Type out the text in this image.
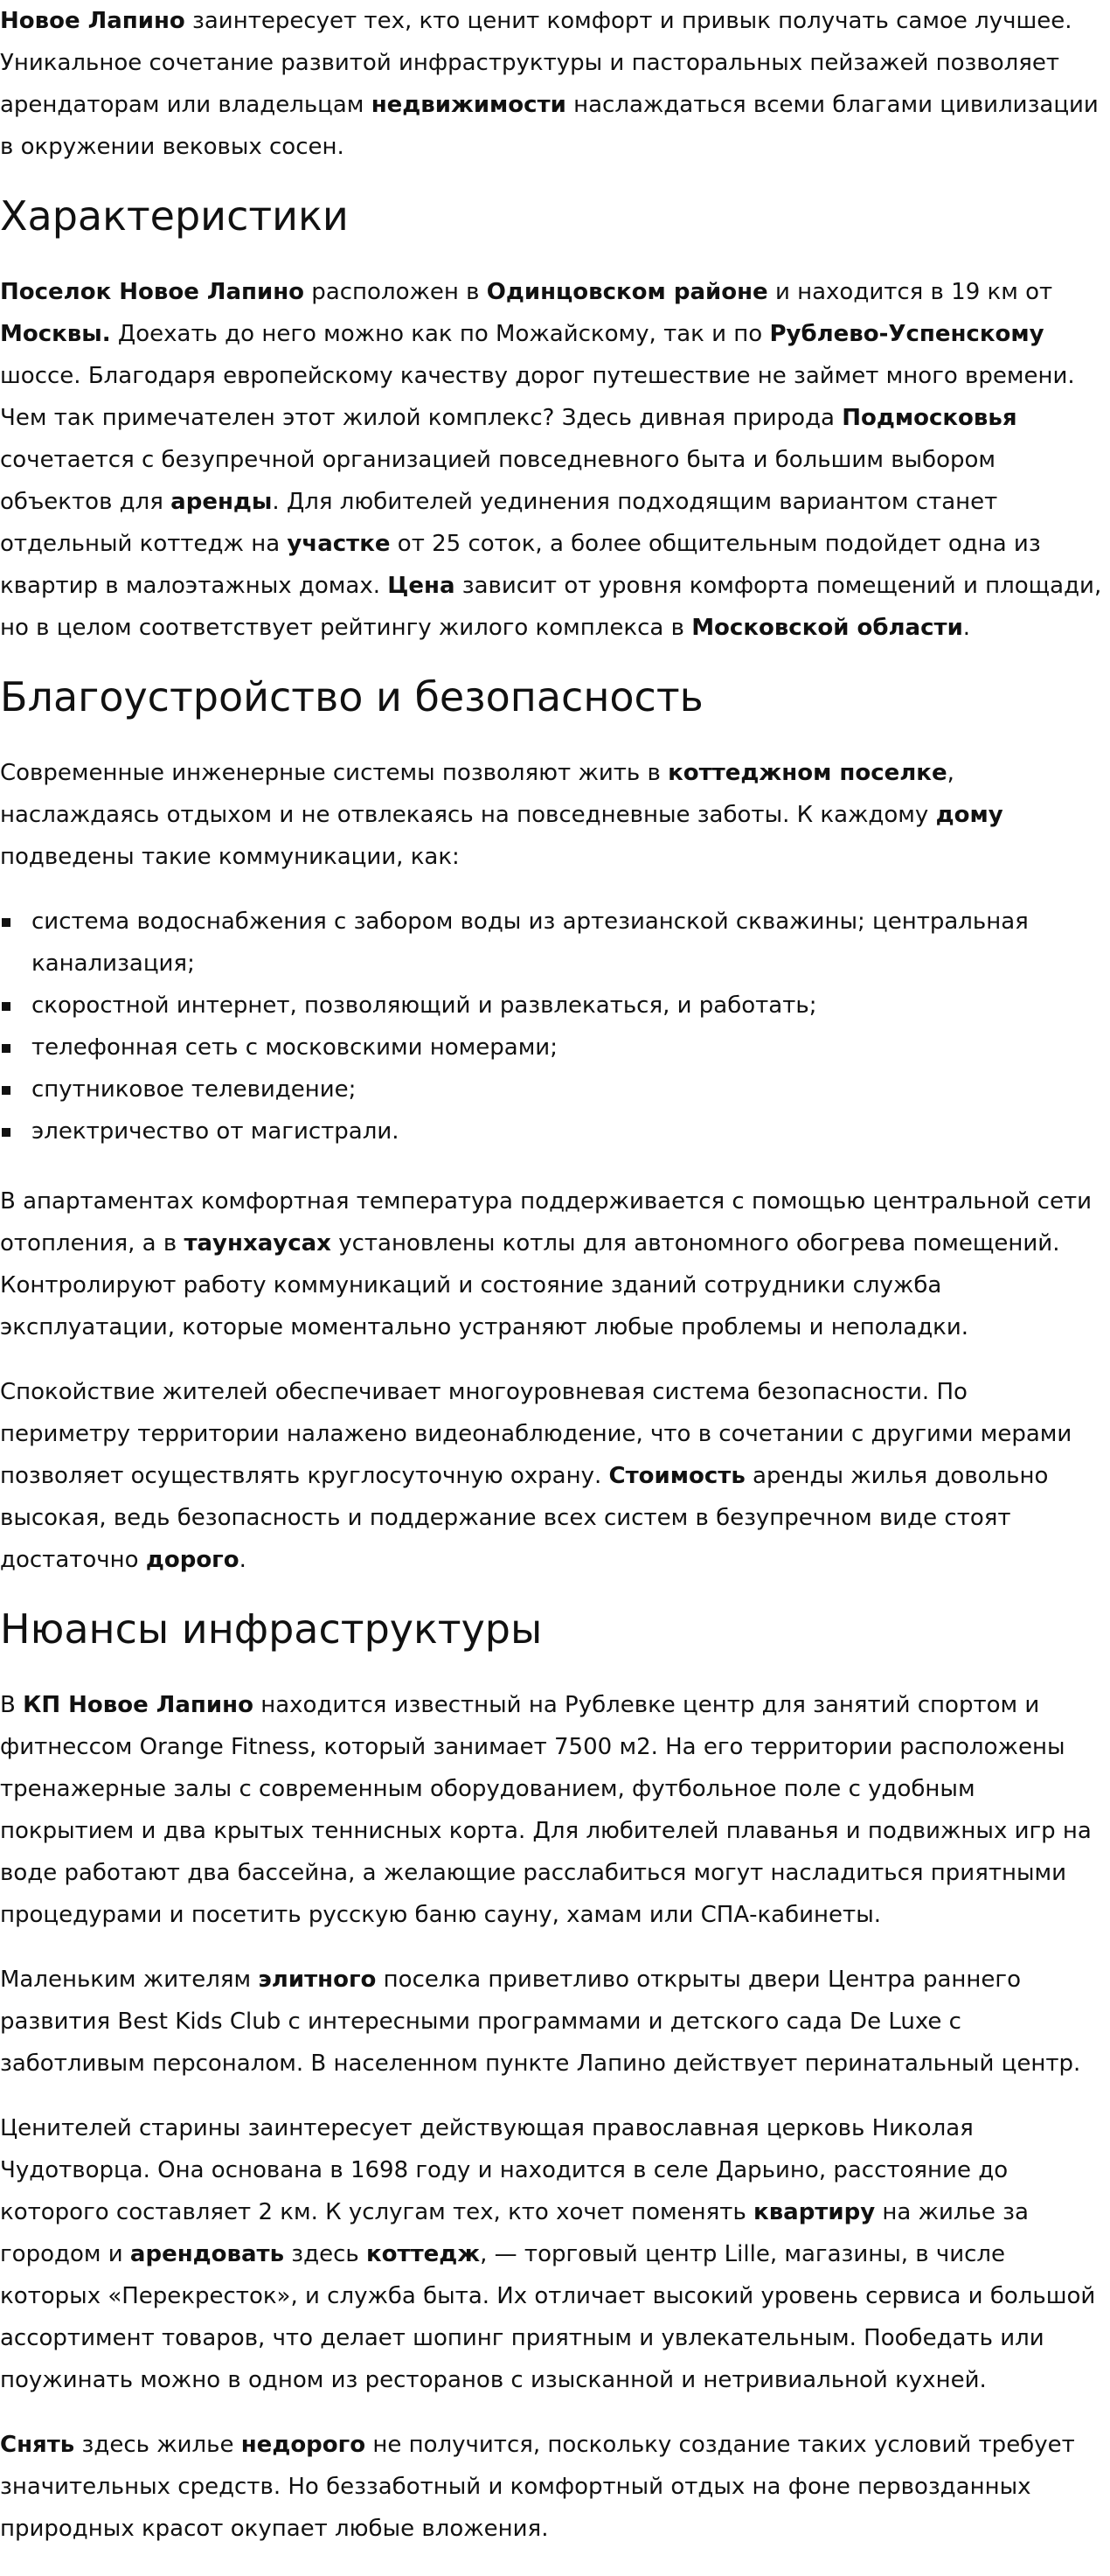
Новое Лапино заинтересует тех, кто ценит комфорт и привык получать самое лучшее. Уникальное сочетание развитой инфраструктуры и пасторальных пейзажей позволяет арендаторам или владельцам недвижимости наслаждаться всеми благами цивилизации в окружении вековых сосен.

Характеристики

Поселок Новое Лапино расположен в Одинцовском районе и находится в 19 км от Москвы. Доехать до него можно как по Можайскому, так и по Рублево-Успенскому шоссе. Благодаря европейскому качеству дорог путешествие не займет много времени. Чем так примечателен этот жилой комплекс? Здесь дивная природа Подмосковья сочетается с безупречной организацией повседневного быта и большим выбором объектов для аренды. Для любителей уединения подходящим вариантом станет отдельный коттедж на участке от 25 соток, а более общительным подойдет одна из квартир в малоэтажных домах. Цена зависит от уровня комфорта помещений и площади, но в целом соответствует рейтингу жилого комплекса в Московской области.

Благоустройство и безопасность

Современные инженерные системы позволяют жить в коттеджном поселке, наслаждаясь отдыхом и не отвлекаясь на повседневные заботы. К каждому дому подведены такие коммуникации, как:

система водоснабжения с забором воды из артезианской скважины; центральная канализация;
скоростной интернет, позволяющий и развлекаться, и работать;
телефонная сеть с московскими номерами;
спутниковое телевидение;
электричество от магистрали.

В апартаментах комфортная температура поддерживается с помощью центральной сети отопления, а в таунхаусах установлены котлы для автономного обогрева помещений. Контролируют работу коммуникаций и состояние зданий сотрудники служба эксплуатации, которые моментально устраняют любые проблемы и неполадки.

Спокойствие жителей обеспечивает многоуровневая система безопасности. По периметру территории налажено видеонаблюдение, что в сочетании с другими мерами позволяет осуществлять круглосуточную охрану. Стоимость аренды жилья довольно высокая, ведь безопасность и поддержание всех систем в безупречном виде стоят достаточно дорого.

Нюансы инфраструктуры

В КП Новое Лапино находится известный на Рублевке центр для занятий спортом и фитнессом Orange Fitness, который занимает 7500 м2. На его территории расположены тренажерные залы с современным оборудованием, футбольное поле с удобным покрытием и два крытых теннисных корта. Для любителей плаванья и подвижных игр на воде работают два бассейна, а желающие расслабиться могут насладиться приятными процедурами и посетить русскую баню сауну, хамам или СПА-кабинеты.

Маленьким жителям элитного поселка приветливо открыты двери Центра раннего развития Best Kids Club с интересными программами и детского сада De Luxe с заботливым персоналом. В населенном пункте Лапино действует перинатальный центр.

Ценителей старины заинтересует действующая православная церковь Николая Чудотворца. Она основана в 1698 году и находится в селе Дарьино, расстояние до которого составляет 2 км. К услугам тех, кто хочет поменять квартиру на жилье за городом и арендовать здесь коттедж, — торговый центр Lille, магазины, в числе которых «Перекресток», и служба быта. Их отличает высокий уровень сервиса и большой ассортимент товаров, что делает шопинг приятным и увлекательным. Пообедать или поужинать можно в одном из ресторанов с изысканной и нетривиальной кухней.

Снять здесь жилье недорого не получится, поскольку создание таких условий требует значительных средств. Но беззаботный и комфортный отдых на фоне первозданных природных красот окупает любые вложения.
